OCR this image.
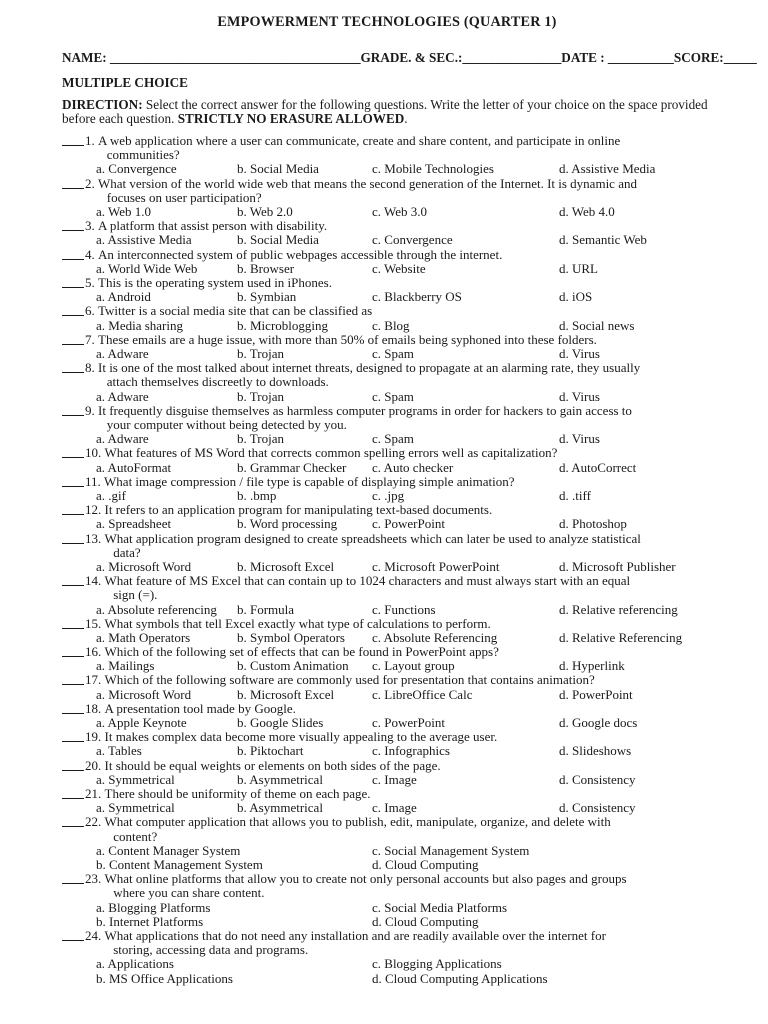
EMPOWERMENT TECHNOLOGIES (QUARTER 1)
NAME: ______________________________________GRADE. & SEC.:_______________DATE : __________SCORE:_____
MULTIPLE CHOICE
DIRECTION: Select the correct answer for the following questions. Write the letter of your choice on the space provided before each question. STRICTLY NO ERASURE ALLOWED.
1. A web application where a user can communicate, create and share content, and participate in online
communities?
a. Convergence	b. Social Media	c. Mobile Technologies	d. Assistive Media
2. What version of the world wide web that means the second generation of the Internet. It is dynamic and
focuses on user participation?
a. Web 1.0	b. Web 2.0	c. Web 3.0	d. Web 4.0
3. A platform that assist person with disability.
a. Assistive Media	b. Social Media	c. Convergence	d. Semantic Web
4. An interconnected system of public webpages accessible through the internet.
a. World Wide Web	b. Browser	c. Website	d. URL
5. This is the operating system used in iPhones.
a. Android	b. Symbian	c. Blackberry OS	d. iOS
6. Twitter is a social media site that can be classified as
a. Media sharing	b. Microblogging	c. Blog	d. Social news
7. These emails are a huge issue, with more than 50% of emails being syphoned into these folders.
a. Adware	b. Trojan	c. Spam	d. Virus
8. It is one of the most talked about internet threats, designed to propagate at an alarming rate, they usually
attach themselves discreetly to downloads.
a. Adware	b. Trojan	c. Spam	d. Virus
9. It frequently disguise themselves as harmless computer programs in order for hackers to gain access to
your computer without being detected by you.
a. Adware	b. Trojan	c. Spam	d. Virus
10. What features of MS Word that corrects common spelling errors well as capitalization?
a. AutoFormat	b. Grammar Checker c. Auto checker	d. AutoCorrect
11. What image compression / file type is capable of displaying simple animation?
a. .gif	b. .bmp	c. .jpg	d. .tiff
12. It refers to an application program for manipulating text-based documents.
a. Spreadsheet	b. Word processing	c. PowerPoint	d. Photoshop
13. What application program designed to create spreadsheets which can later be used to analyze statistical
data?
a. Microsoft Word	b. Microsoft Excel	c. Microsoft PowerPoint	d. Microsoft Publisher
14. What feature of MS Excel that can contain up to 1024 characters and must always start with an equal
sign (=).
a. Absolute referencing b. Formula	c. Functions	d. Relative referencing
15. What symbols that tell Excel exactly what type of calculations to perform.
a. Math Operators	b. Symbol Operators c. Absolute Referencing	d. Relative Referencing
16. Which of the following set of effects that can be found in PowerPoint apps?
a. Mailings	b. Custom Animation c. Layout group	d. Hyperlink
17. Which of the following software are commonly used for presentation that contains animation?
a. Microsoft Word	b. Microsoft Excel	c. LibreOffice Calc	d. PowerPoint
18. A presentation tool made by Google.
a. Apple Keynote	b. Google Slides	c. PowerPoint	d. Google docs
19. It makes complex data become more visually appealing to the average user.
a. Tables	b. Piktochart	c. Infographics	d. Slideshows
20. It should be equal weights or elements on both sides of the page.
a. Symmetrical	b. Asymmetrical	c. Image	d. Consistency
21. There should be uniformity of theme on each page.
a. Symmetrical	b. Asymmetrical	c. Image	d. Consistency
22. What computer application that allows you to publish, edit, manipulate, organize, and delete with
content?
a. Content Manager System	c. Social Management System
b. Content Management System	d. Cloud Computing
23. What online platforms that allow you to create not only personal accounts but also pages and groups
where you can share content.
a. Blogging Platforms	c. Social Media Platforms
b. Internet Platforms	d. Cloud Computing
24. What applications that do not need any installation and are readily available over the internet for
storing, accessing data and programs.
a. Applications	c. Blogging Applications
b. MS Office Applications	d. Cloud Computing Applications
